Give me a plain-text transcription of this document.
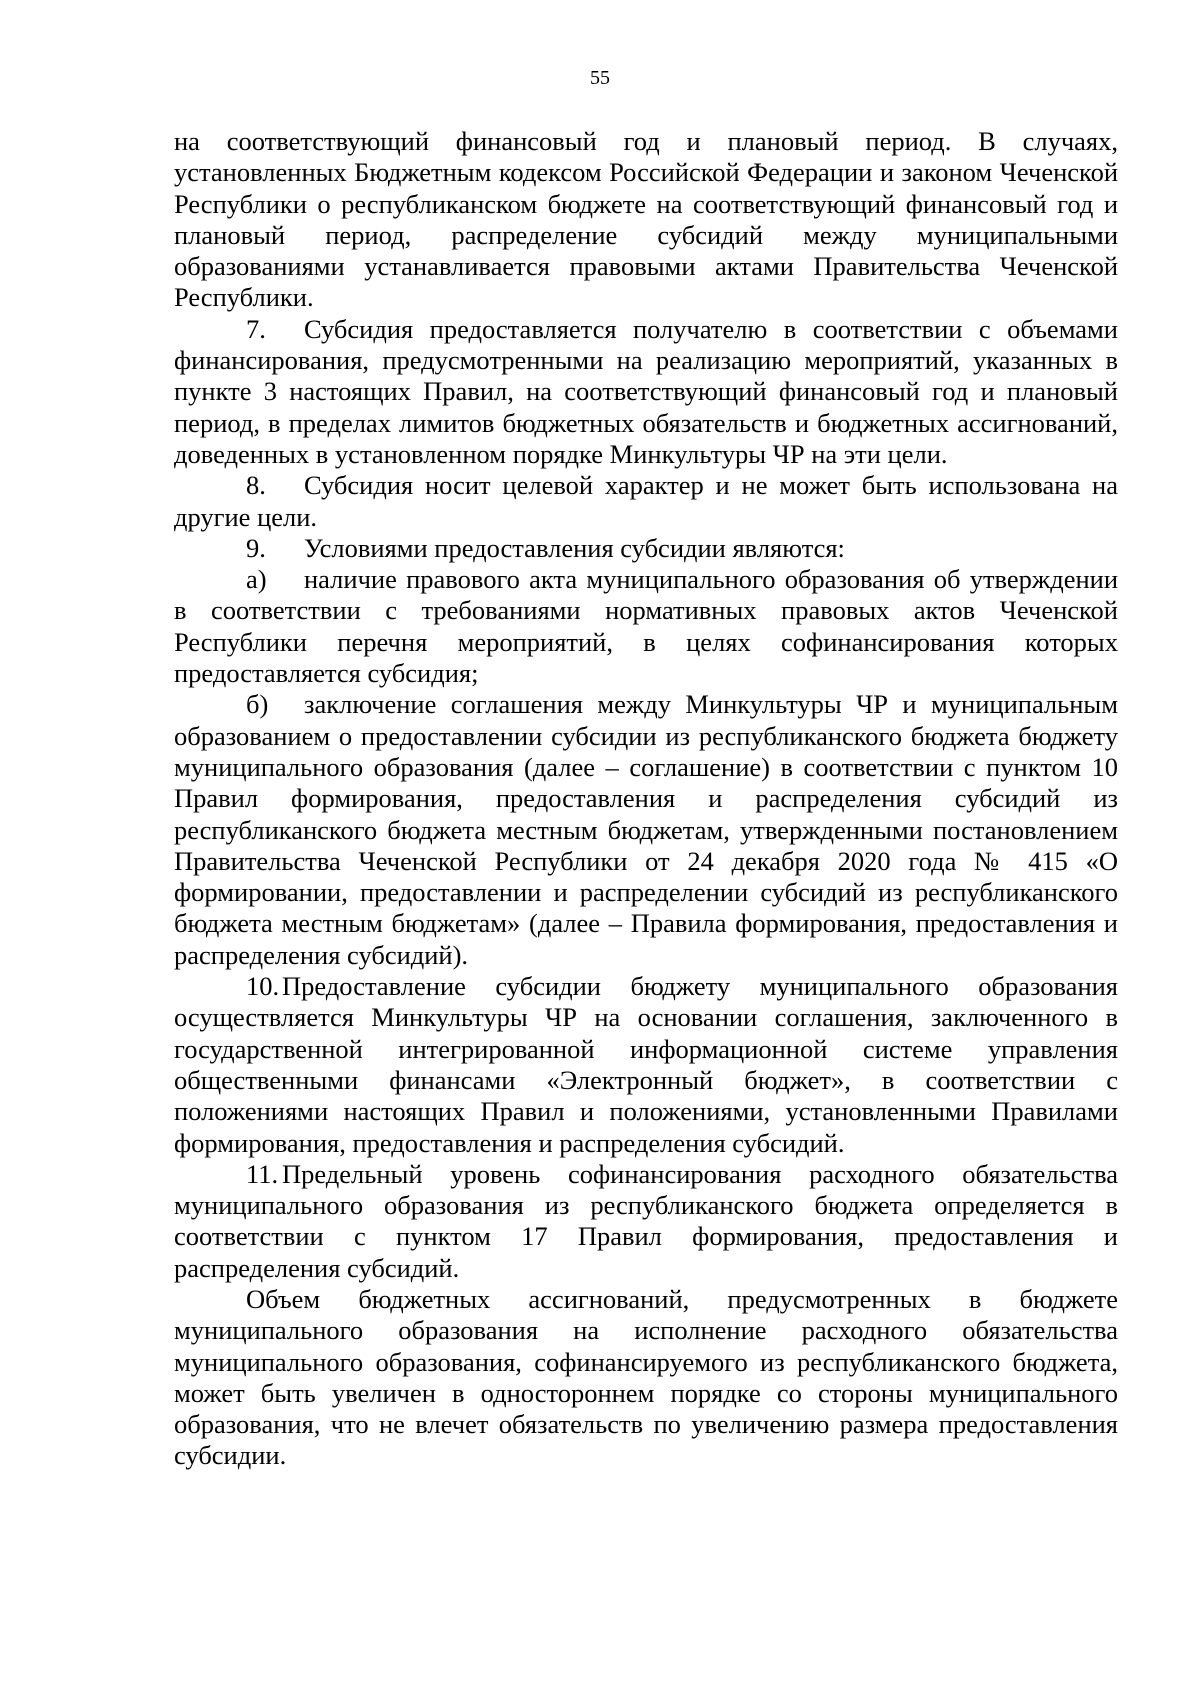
55

на соответствующий финансовый год и плановый период. В случаях, установленных Бюджетным кодексом Российской Федерации и законом Чеченской Республики о республиканском бюджете на соответствующий финансовый год и плановый период, распределение субсидий между муниципальными образованиями устанавливается правовыми актами Правительства Чеченской Республики.

7. Субсидия предоставляется получателю в соответствии с объемами финансирования, предусмотренными на реализацию мероприятий, указанных в пункте 3 настоящих Правил, на соответствующий финансовый год и плановый период, в пределах лимитов бюджетных обязательств и бюджетных ассигнований, доведенных в установленном порядке Минкультуры ЧР на эти цели.

8. Субсидия носит целевой характер и не может быть использована на другие цели.

9. Условиями предоставления субсидии являются:

а) наличие правового акта муниципального образования об утверждении в соответствии с требованиями нормативных правовых актов Чеченской Республики перечня мероприятий, в целях софинансирования которых предоставляется субсидия;

б) заключение соглашения между Минкультуры ЧР и муниципальным образованием о предоставлении субсидии из республиканского бюджета бюджету муниципального образования (далее – соглашение) в соответствии с пунктом 10 Правил формирования, предоставления и распределения субсидий из республиканского бюджета местным бюджетам, утвержденными постановлением Правительства Чеченской Республики от 24 декабря 2020 года № 415 «О формировании, предоставлении и распределении субсидий из республиканского бюджета местным бюджетам» (далее – Правила формирования, предоставления и распределения субсидий).

10. Предоставление субсидии бюджету муниципального образования осуществляется Минкультуры ЧР на основании соглашения, заключенного в государственной интегрированной информационной системе управления общественными финансами «Электронный бюджет», в соответствии с положениями настоящих Правил и положениями, установленными Правилами формирования, предоставления и распределения субсидий.

11. Предельный уровень софинансирования расходного обязательства муниципального образования из республиканского бюджета определяется в соответствии с пунктом 17 Правил формирования, предоставления и распределения субсидий.

Объем бюджетных ассигнований, предусмотренных в бюджете муниципального образования на исполнение расходного обязательства муниципального образования, софинансируемого из республиканского бюджета, может быть увеличен в одностороннем порядке со стороны муниципального образования, что не влечет обязательств по увеличению размера предоставления субсидии.
